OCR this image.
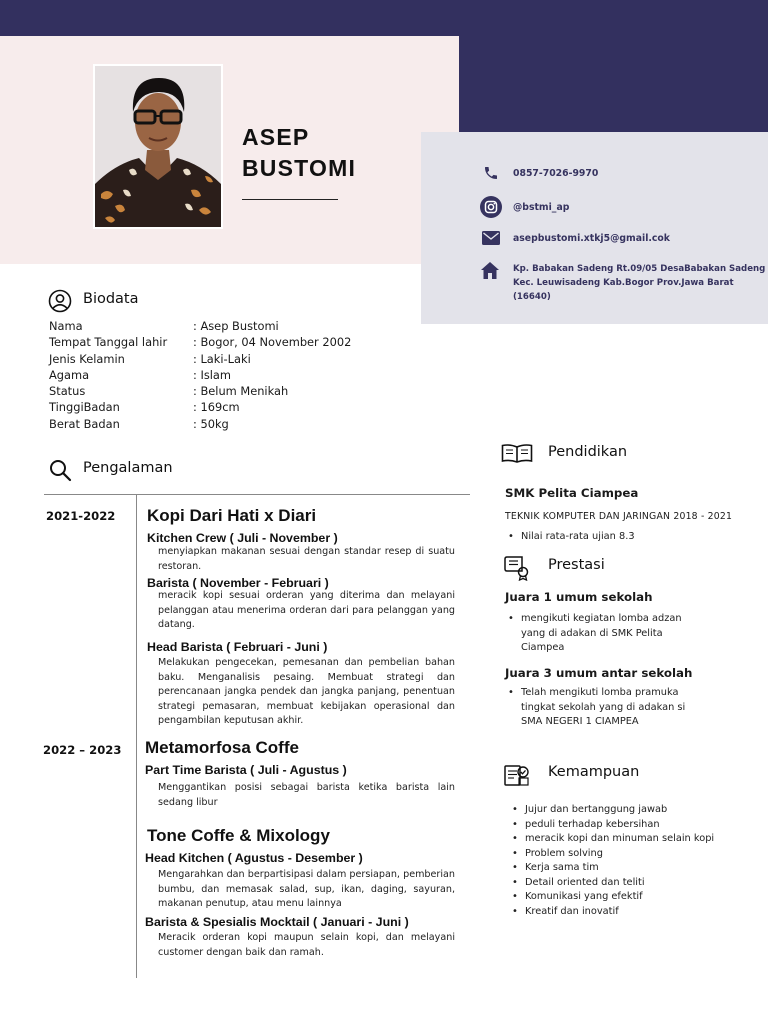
ASEP
BUSTOMI	0857-7026-9970
@bstmi_ap
asepbustomi.xtkj5@gmail.cok
Kp. Babakan Sadeng Rt.09/05 DesaBabakan Sadeng
Kec. Leuwisadeng Kab.Bogor Prov.Jawa Barat (16640)
Biodata
Nama	: Asep Bustomi
Tempat Tanggal lahir	: Bogor, 04 November 2002
Jenis Kelamin	: Laki-Laki
Agama	: Islam
Status	: Belum Menikah
TinggiBadan	: 169cm
Berat Badan	: 50kg
Pengalaman
2021-2022 Kopi Dari Hati x Diari
Kitchen Crew ( Juli - November )
menyiapkan makanan sesuai dengan standar resep di suatu restoran.
Barista ( November - Februari )
meracik kopi sesuai orderan yang diterima dan melayani pelanggan atau menerima orderan dari para pelanggan yang datang.
Head Barista ( Februari - Juni )
Melakukan pengecekan, pemesanan dan pembelian bahan baku. Menganalisis pesaing. Membuat strategi dan perencanaan jangka pendek dan jangka panjang, penentuan strategi pemasaran, membuat kebijakan operasional dan pengambilan keputusan akhir.
2022 – 2023 Metamorfosa Coffe
Part Time Barista ( Juli - Agustus )
Menggantikan posisi sebagai barista ketika barista lain sedang libur
Tone Coffe & Mixology
Head Kitchen ( Agustus - Desember )
Mengarahkan dan berpartisipasi dalam persiapan, pemberian bumbu, dan memasak salad, sup, ikan, daging, sayuran, makanan penutup, atau menu lainnya
Barista & Spesialis Mocktail ( Januari - Juni )
Meracik orderan kopi maupun selain kopi, dan melayani customer dengan baik dan ramah.
Pendidikan
SMK Pelita Ciampea
TEKNIK KOMPUTER DAN JARINGAN 2018 - 2021
• Nilai rata-rata ujian 8.3
Prestasi
Juara 1 umum sekolah
• mengikuti kegiatan lomba adzan yang di adakan di SMK Pelita Ciampea
Juara 3 umum antar sekolah
• Telah mengikuti lomba pramuka tingkat sekolah yang di adakan si SMA NEGERI 1 CIAMPEA
Kemampuan
• Jujur dan bertanggung jawab
• peduli terhadap kebersihan
• meracik kopi dan minuman selain kopi
• Problem solving
• Kerja sama tim
• Detail oriented dan teliti
• Komunikasi yang efektif
• Kreatif dan inovatif
